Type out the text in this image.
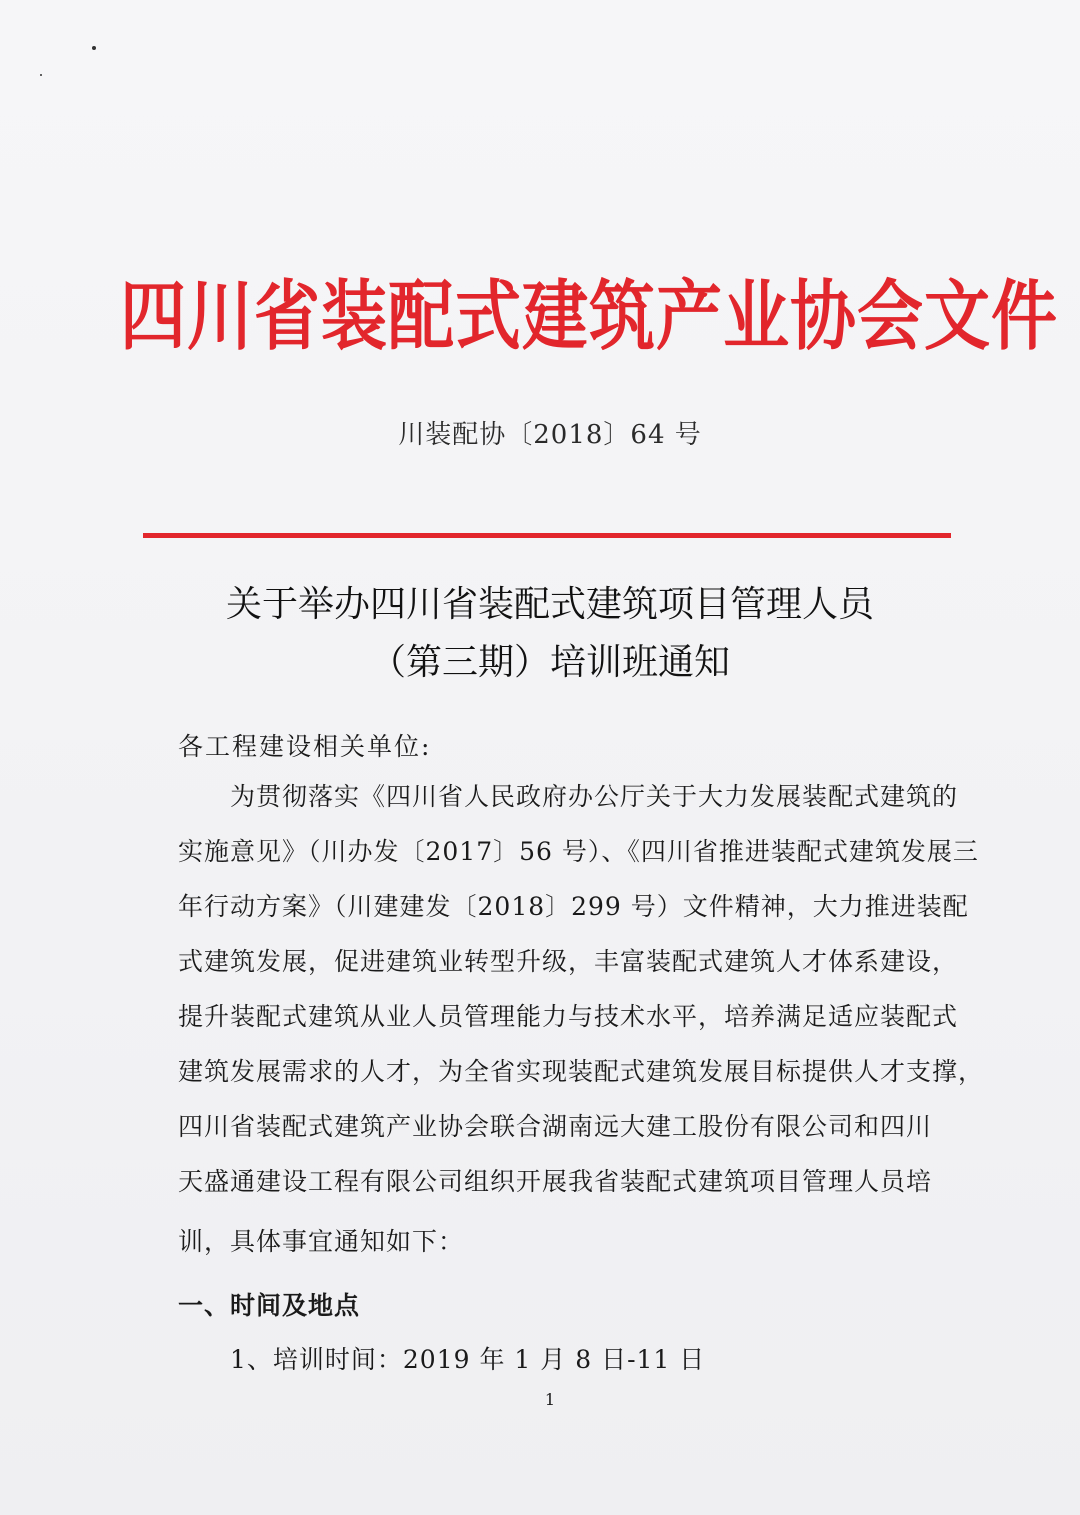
四川省装配式建筑产业协会文件
川装配协〔2018〕64 号
关于举办四川省装配式建筑项目管理人员
（第三期）培训班通知
各工程建设相关单位:
为贯彻落实《四川省人民政府办公厅关于大力发展装配式建筑的
实施意见》（川办发〔2017〕56 号）、《四川省推进装配式建筑发展三
年行动方案》（川建建发〔2018〕299 号）文件精神，大力推进装配
式建筑发展，促进建筑业转型升级，丰富装配式建筑人才体系建设，
提升装配式建筑从业人员管理能力与技术水平，培养满足适应装配式
建筑发展需求的人才，为全省实现装配式建筑发展目标提供人才支撑，
四川省装配式建筑产业协会联合湖南远大建工股份有限公司和四川
天盛通建设工程有限公司组织开展我省装配式建筑项目管理人员培
训，具体事宜通知如下：
一、时间及地点
1、培训时间：2019 年 1 月 8 日-11 日
1
